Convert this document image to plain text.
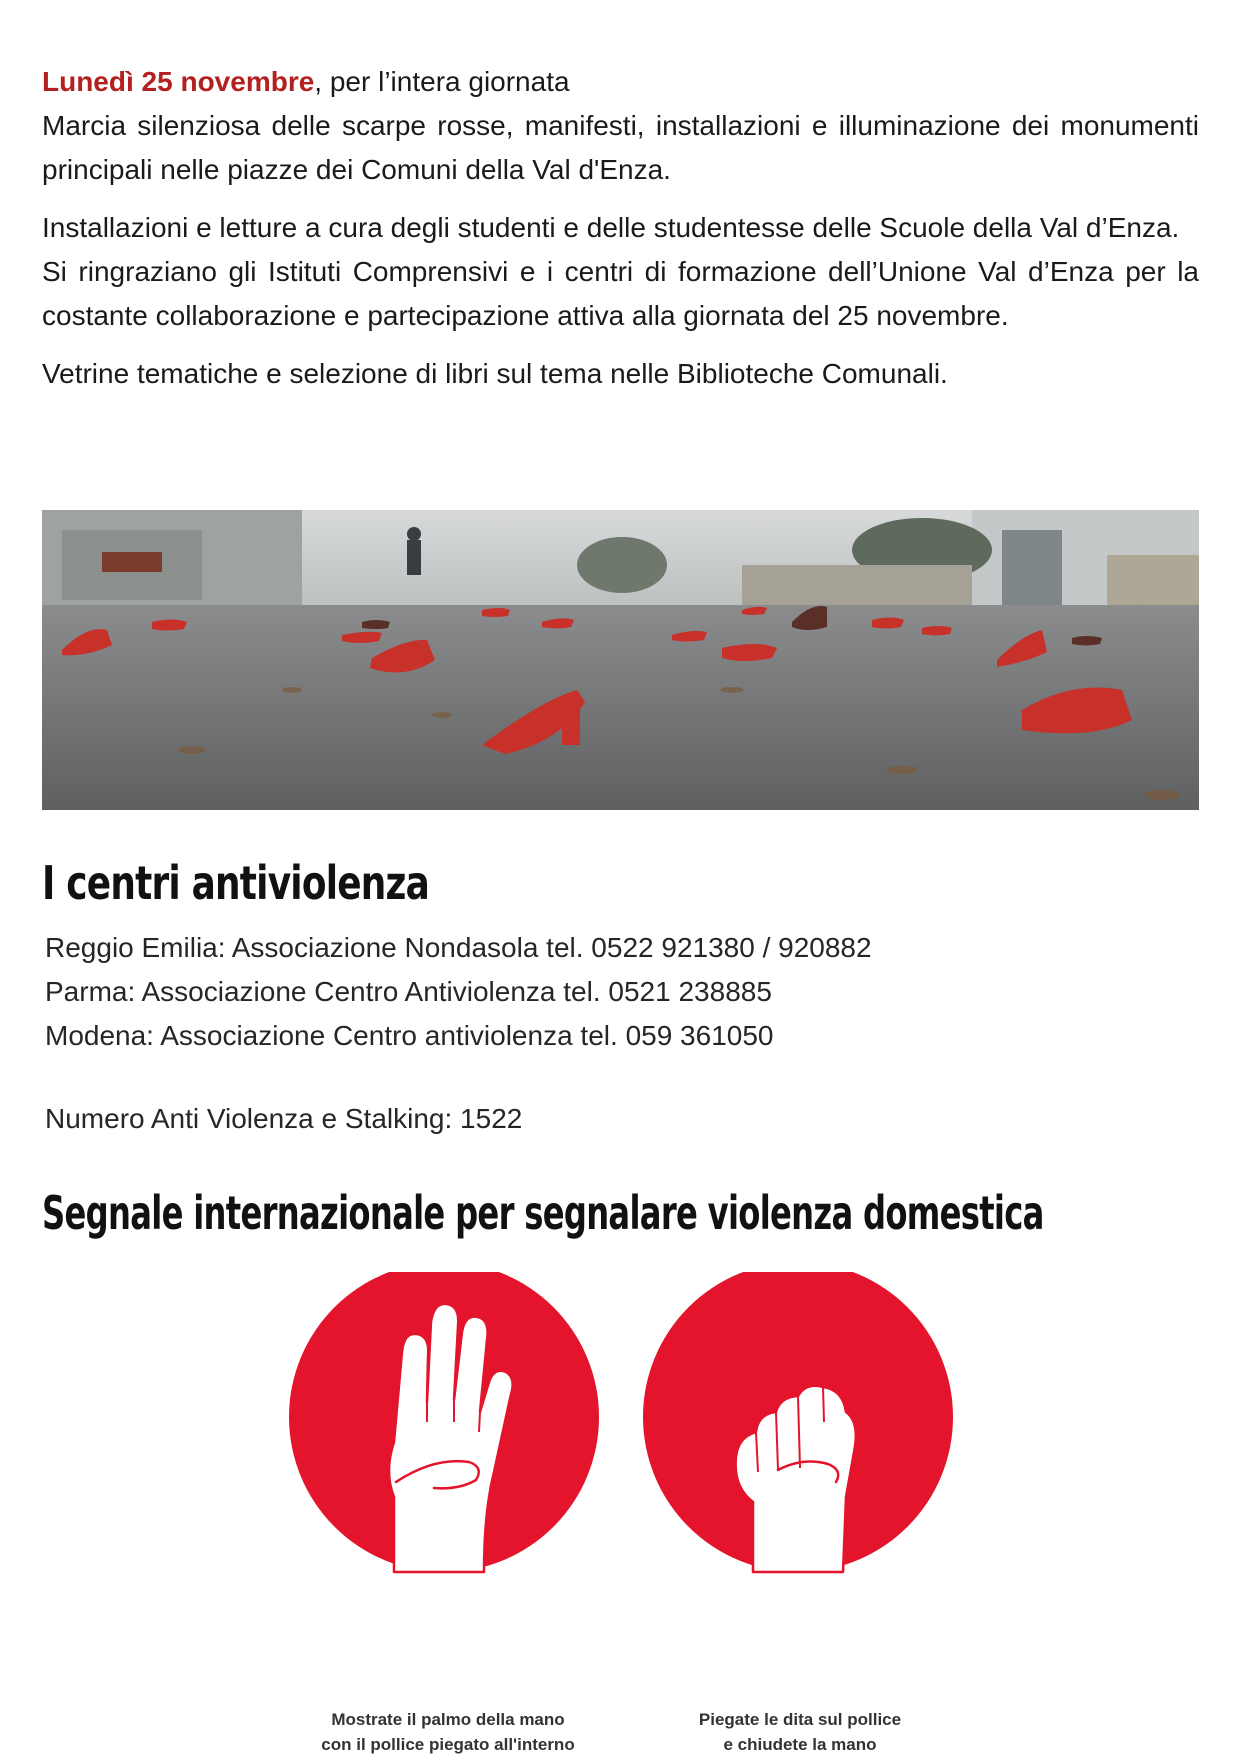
Lunedì 25 novembre, per l’intera giornata
Marcia silenziosa delle scarpe rosse, manifesti, installazioni e illuminazione dei monumenti principali nelle piazze dei Comuni della Val d'Enza.

Installazioni e letture a cura degli studenti e delle studentesse delle Scuole della Val d’Enza.
Si ringraziano gli Istituti Comprensivi e i centri di formazione dell’Unione Val d’Enza per la costante collaborazione e partecipazione attiva alla giornata del 25 novembre.

Vetrine tematiche e selezione di libri sul tema nelle Biblioteche Comunali.

I centri antiviolenza
Reggio Emilia: Associazione Nondasola tel. 0522 921380 / 920882
Parma: Associazione Centro Antiviolenza tel. 0521 238885
Modena: Associazione Centro antiviolenza tel. 059 361050
Numero Anti Violenza e Stalking: 1522
Segnale internazionale per segnalare violenza domestica
Mostrate il palmo della mano
con il pollice piegato all'interno
Piegate le dita sul pollice
e chiudete la mano
